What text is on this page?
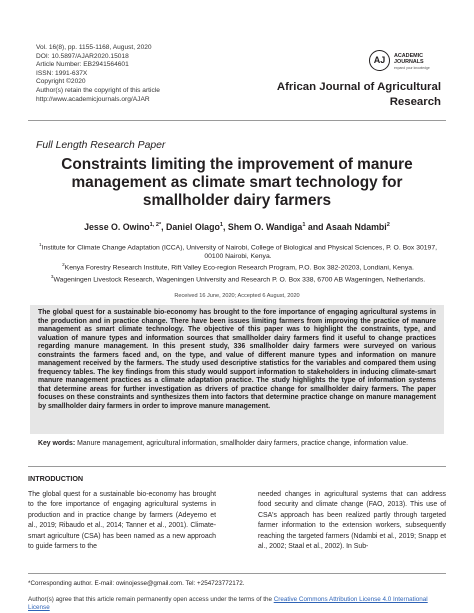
Vol. 16(8), pp. 1155-1168, August, 2020
DOI: 10.5897/AJAR2020.15018
Article Number: EB2941564601
ISSN: 1991-637X
Copyright ©2020
Author(s) retain the copyright of this article
http://www.academicjournals.org/AJAR
AJ	ACADEMIC
JOURNALS
expand your knowledge
African Journal of Agricultural
Research
Full Length Research Paper
Constraints limiting the improvement of manure
management as climate smart technology for
smallholder dairy farmers
Jesse O. Owino$^{1, 2*}$, Daniel Olago$^1$, Shem O. Wandiga$^1$ and Asaah Ndambi$^2$

$^1$Institute for Climate Change Adaptation (ICCA), University of Nairobi, College of Biological and Physical Sciences, P. O. Box 30197, 00100 Nairobi, Kenya.

$^2$Kenya Forestry Research Institute, Rift Valley Eco-region Research Program, P.O. Box 382-20203, Londiani, Kenya.

$^3$Wageningen Livestock Research, Wageningen University and Research P. O. Box 338, 6700 AB Wageningen, Netherlands.

Received 16 June, 2020; Accepted 6 August, 2020

The global quest for a sustainable bio-economy has brought to the fore importance of engaging agricultural systems in the production and in practice change. There have been issues limiting farmers from improving the practice of manure management as smart climate technology. The objective of this paper was to highlight the constraints, type, and valuation of manure types and information sources that smallholder dairy farmers find it useful to change practices regarding manure management. In this present study, 336 smallholder dairy farmers were surveyed on various constraints the farmers faced and, on the type, and value of different manure types and information on manure management received by the farmers. The study used descriptive statistics for the variables and compared them using frequency tables. The key findings from this study would support information to stakeholders in inducing climate-smart manure management practices as a climate adaptation practice. The study highlights the type of information systems that determine areas for further investigation as drivers of practice change for smallholder dairy farmers. The paper focuses on these constraints and synthesizes them into factors that determine practice change on manure management by smallholder dairy farmers in order to improve manure management.

Key words: Manure management, agricultural information, smallholder dairy farmers, practice change, information value.

INTRODUCTION

The global quest for a sustainable bio-economy has brought to the fore importance of engaging agricultural systems in production and in practice change by farmers (Adeyemo et al., 2019; Ribaudo et al., 2014; Tanner et al., 2001). Climate-smart agriculture (CSA) has been named as a new approach to guide farmers to the

needed changes in agricultural systems that can address food security and climate change (FAO, 2013). This use of CSA's approach has been realized partly through targeted farmer information to the extension workers, subsequently reaching the targeted farmers (Ndambi et al., 2019; Snapp et al., 2002; Staal et al., 2002). In Sub-

*Corresponding author. E-mail: owinojesse@gmail.com. Tel: +254723772172.

Author(s) agree that this article remain permanently open access under the terms of the Creative Commons Attribution License 4.0 International License
